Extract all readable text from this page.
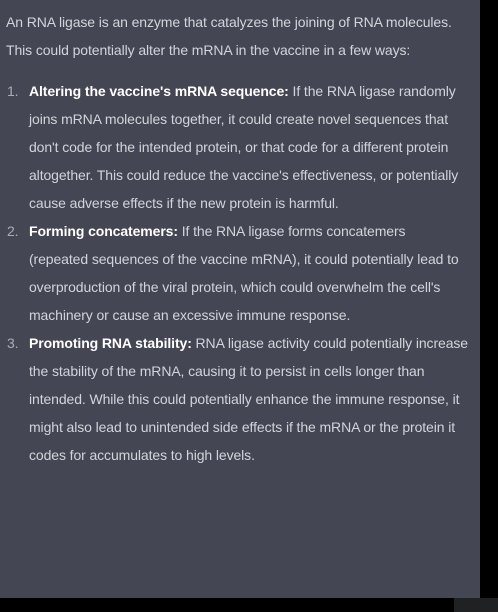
An RNA ligase is an enzyme that catalyzes the joining of RNA molecules. This could potentially alter the mRNA in the vaccine in a few ways:

1. Altering the vaccine's mRNA sequence: If the RNA ligase randomly joins mRNA molecules together, it could create novel sequences that don't code for the intended protein, or that code for a different protein altogether. This could reduce the vaccine's effectiveness, or potentially cause adverse effects if the new protein is harmful.
2. Forming concatemers: If the RNA ligase forms concatemers (repeated sequences of the vaccine mRNA), it could potentially lead to overproduction of the viral protein, which could overwhelm the cell's machinery or cause an excessive immune response.
3. Promoting RNA stability: RNA ligase activity could potentially increase the stability of the mRNA, causing it to persist in cells longer than intended. While this could potentially enhance the immune response, it might also lead to unintended side effects if the mRNA or the protein it codes for accumulates to high levels.
